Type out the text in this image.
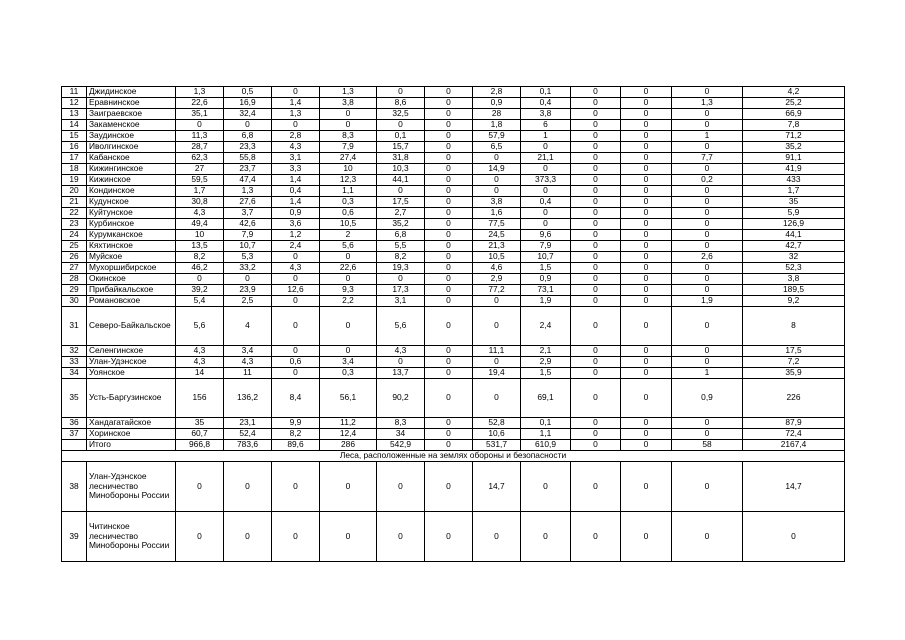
11	Джидинское	1,3	0,5	0	1,3	0	0	2,8	0,1	0	0	0	4,2
12	Еравнинское	22,6	16,9	1,4	3,8	8,6	0	0,9	0,4	0	0	1,3	25,2
13	Заиграевское	35,1	32,4	1,3	0	32,5	0	28	3,8	0	0	0	66,9
14	Закаменское	0	0	0	0	0	0	1,8	6	0	0	0	7,8
15	Заудинское	11,3	6,8	2,8	8,3	0,1	0	57,9	1	0	0	1	71,2
16	Иволгинское	28,7	23,3	4,3	7,9	15,7	0	6,5	0	0	0	0	35,2
17	Кабанское	62,3	55,8	3,1	27,4	31,8	0	0	21,1	0	0	7,7	91,1
18	Кижингинское	27	23,7	3,3	10	10,3	0	14,9	0	0	0	0	41,9
19	Кижинское	59,5	47,4	1,4	12,3	44,1	0	0	373,3	0	0	0,2	433
20	Кондинское	1,7	1,3	0,4	1,1	0	0	0	0	0	0	0	1,7
21	Кудунское	30,8	27,6	1,4	0,3	17,5	0	3,8	0,4	0	0	0	35
22	Куйтунское	4,3	3,7	0,9	0,6	2,7	0	1,6	0	0	0	0	5,9
23	Курбинское	49,4	42,6	3,6	10,5	35,2	0	77,5	0	0	0	0	126,9
24	Курумканское	10	7,9	1,2	2	6,8	0	24,5	9,6	0	0	0	44,1
25	Кяхтинское	13,5	10,7	2,4	5,6	5,5	0	21,3	7,9	0	0	0	42,7
26	Муйское	8,2	5,3	0	0	8,2	0	10,5	10,7	0	0	2,6	32
27	Мухоршибирское	46,2	33,2	4,3	22,6	19,3	0	4,6	1,5	0	0	0	52,3
28	Окинское	0	0	0	0	0	0	2,9	0,9	0	0	0	3,8
29	Прибайкальское	39,2	23,9	12,6	9,3	17,3	0	77,2	73,1	0	0	0	189,5
30	Романовское	5,4	2,5	0	2,2	3,1	0	0	1,9	0	0	1,9	9,2
31	Северо-Байкальское	5,6	4	0	0	5,6	0	0	2,4	0	0	0	8
32	Селенгинское	4,3	3,4	0	0	4,3	0	11,1	2,1	0	0	0	17,5
33	Улан-Удэнское	4,3	4,3	0,6	3,4	0	0	0	2,9	0	0	0	7,2
34	Уоянское	14	11	0	0,3	13,7	0	19,4	1,5	0	0	1	35,9
35	Усть-Баргузинское	156	136,2	8,4	56,1	90,2	0	0	69,1	0	0	0,9	226
36	Хандагатайское	35	23,1	9,9	11,2	8,3	0	52,8	0,1	0	0	0	87,9
37	Хоринское	60,7	52,4	8,2	12,4	34	0	10,6	1,1	0	0	0	72,4
	Итого	966,8	783,6	89,6	286	542,9	0	531,7	610,9	0	0	58	2167,4
Леса, расположенные на землях обороны и безопасности													
38	Улан-Удэнское лесничество Минобороны России	0	0	0	0	0	0	14,7	0	0	0	0	14,7
39	Читинское лесничество Минобороны России	0	0	0	0	0	0	0	0	0	0	0	0
